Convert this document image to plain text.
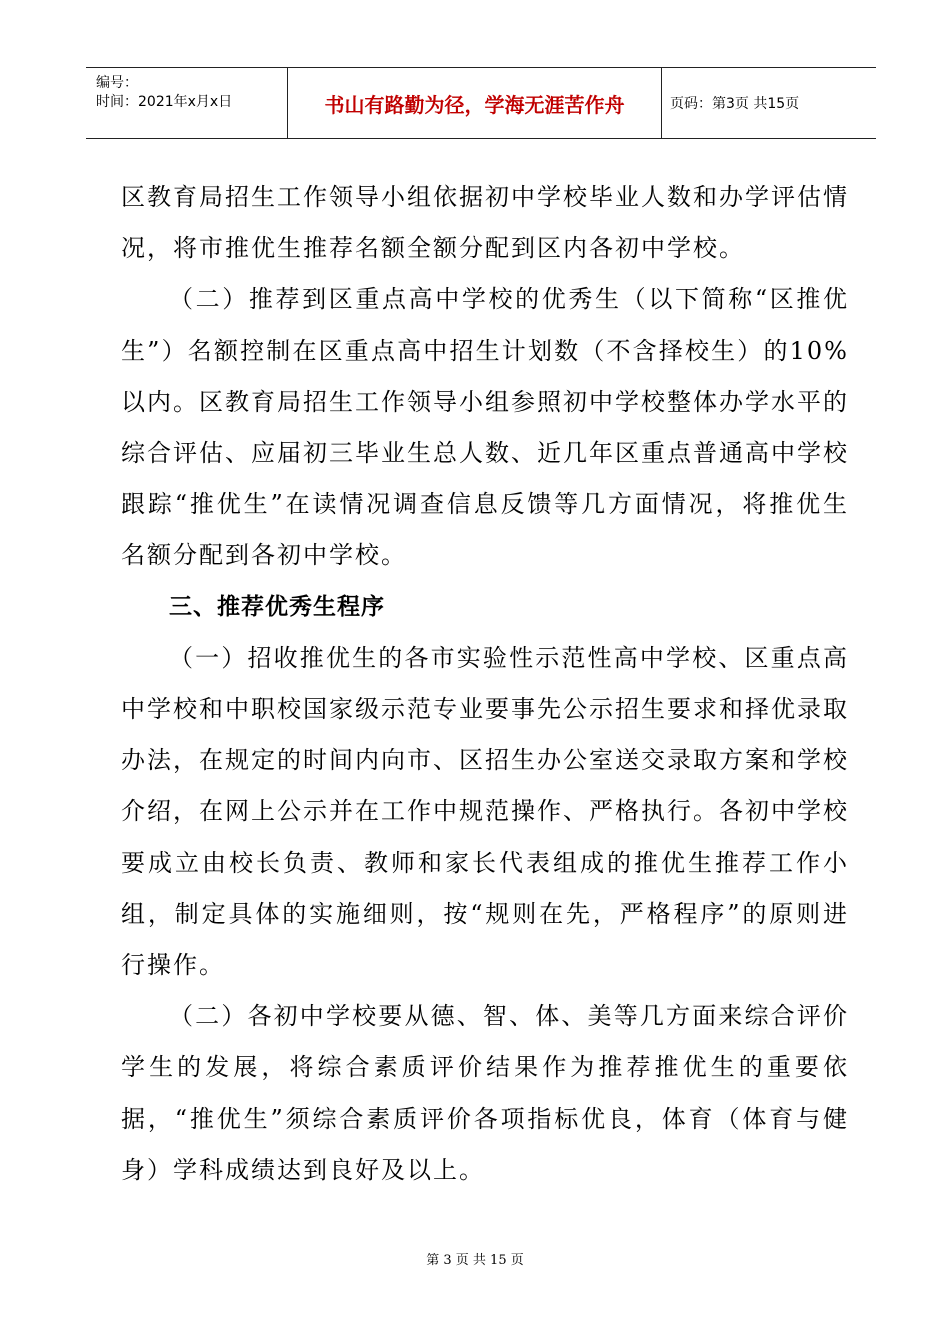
编号：
时间：2021年x月x日	书山有路勤为径，学海无涯苦作舟	页码：第3页 共15页

区教育局招生工作领导小组依据初中学校毕业人数和办学评估情况，将市推优生推荐名额全额分配到区内各初中学校。

（二）推荐到区重点高中学校的优秀生（以下简称“区推优生”）名额控制在区重点高中招生计划数（不含择校生）的10%以内。区教育局招生工作领导小组参照初中学校整体办学水平的综合评估、应届初三毕业生总人数、近几年区重点普通高中学校跟踪“推优生”在读情况调查信息反馈等几方面情况，将推优生名额分配到各初中学校。

三、推荐优秀生程序

（一）招收推优生的各市实验性示范性高中学校、区重点高中学校和中职校国家级示范专业要事先公示招生要求和择优录取办法，在规定的时间内向市、区招生办公室送交录取方案和学校介绍，在网上公示并在工作中规范操作、严格执行。各初中学校要成立由校长负责、教师和家长代表组成的推优生推荐工作小组，制定具体的实施细则，按“规则在先，严格程序”的原则进行操作。

（二）各初中学校要从德、智、体、美等几方面来综合评价学生的发展，将综合素质评价结果作为推荐推优生的重要依据，“推优生”须综合素质评价各项指标优良，体育（体育与健身）学科成绩达到良好及以上。

第 3 页 共 15 页
